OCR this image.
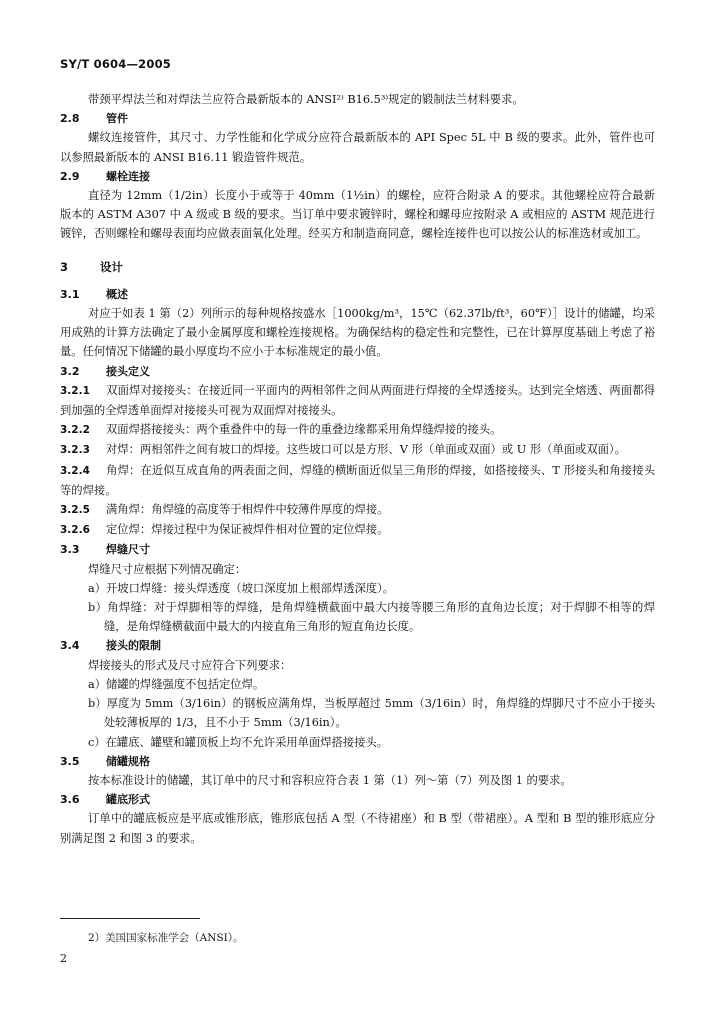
SY/T 0604—2005

带颈平焊法兰和对焊法兰应符合最新版本的 ANSI²⁾ B16.5³⁾规定的锻制法兰材料要求。

2.8 管件

螺纹连接管件，其尺寸、力学性能和化学成分应符合最新版本的 API Spec 5L 中 B 级的要求。此外，管件也可以参照最新版本的 ANSI B16.11 锻造管件规范。

2.9 螺栓连接

直径为 12mm（1/2in）长度小于或等于 40mm（1½in）的螺栓，应符合附录 A 的要求。其他螺栓应符合最新版本的 ASTM A307 中 A 级或 B 级的要求。当订单中要求镀锌时，螺栓和螺母应按附录 A 或相应的 ASTM 规范进行镀锌，否则螺栓和螺母表面均应做表面氧化处理。经买方和制造商同意，螺栓连接件也可以按公认的标准选材或加工。

3	设计
3.1 概述

对应于如表 1 第（2）列所示的每种规格按盛水［1000kg/m³，15℃（62.37lb/ft³，60℉）］设计的储罐，均采用成熟的计算方法确定了最小金属厚度和螺栓连接规格。为确保结构的稳定性和完整性，已在计算厚度基础上考虑了裕量。任何情况下储罐的最小厚度均不应小于本标准规定的最小值。

3.2 接头定义

3.2.1 双面焊对接接头：在接近同一平面内的两相邻件之间从两面进行焊接的全焊透接头。达到完全熔透、两面都得到加强的全焊透单面焊对接接头可视为双面焊对接接头。

3.2.2 双面焊搭接接头：两个重叠件中的每一件的重叠边缘都采用角焊缝焊接的接头。

3.2.3 对焊：两相邻件之间有坡口的焊接。这些坡口可以是方形、V 形（单面或双面）或 U 形（单面或双面）。

3.2.4 角焊：在近似互成直角的两表面之间，焊缝的横断面近似呈三角形的焊接，如搭接接头、T 形接头和角接接头等的焊接。

3.2.5 满角焊：角焊缝的高度等于相焊件中较薄件厚度的焊接。

3.2.6 定位焊：焊接过程中为保证被焊件相对位置的定位焊接。

3.3 焊缝尺寸

焊缝尺寸应根据下列情况确定：

a）开坡口焊缝：接头焊透度（坡口深度加上根部焊透深度）。
b）角焊缝：对于焊脚相等的焊缝，是角焊缝横截面中最大内接等腰三角形的直角边长度；对于焊脚不相等的焊缝，是角焊缝横截面中最大的内接直角三角形的短直角边长度。
3.4 接头的限制

焊接接头的形式及尺寸应符合下列要求：

a）储罐的焊缝强度不包括定位焊。
b）厚度为 5mm（3/16in）的钢板应满角焊，当板厚超过 5mm（3/16in）时，角焊缝的焊脚尺寸不应小于接头处较薄板厚的 1/3，且不小于 5mm（3/16in）。
c）在罐底、罐壁和罐顶板上均不允许采用单面焊搭接接头。
3.5 储罐规格

按本标准设计的储罐，其订单中的尺寸和容积应符合表 1 第（1）列～第（7）列及图 1 的要求。

3.6 罐底形式

订单中的罐底板应是平底或锥形底，锥形底包括 A 型（不待裙座）和 B 型（带裙座）。A 型和 B 型的锥形底应分别满足图 2 和图 3 的要求。

2）美国国家标准学会（ANSI）。
2
